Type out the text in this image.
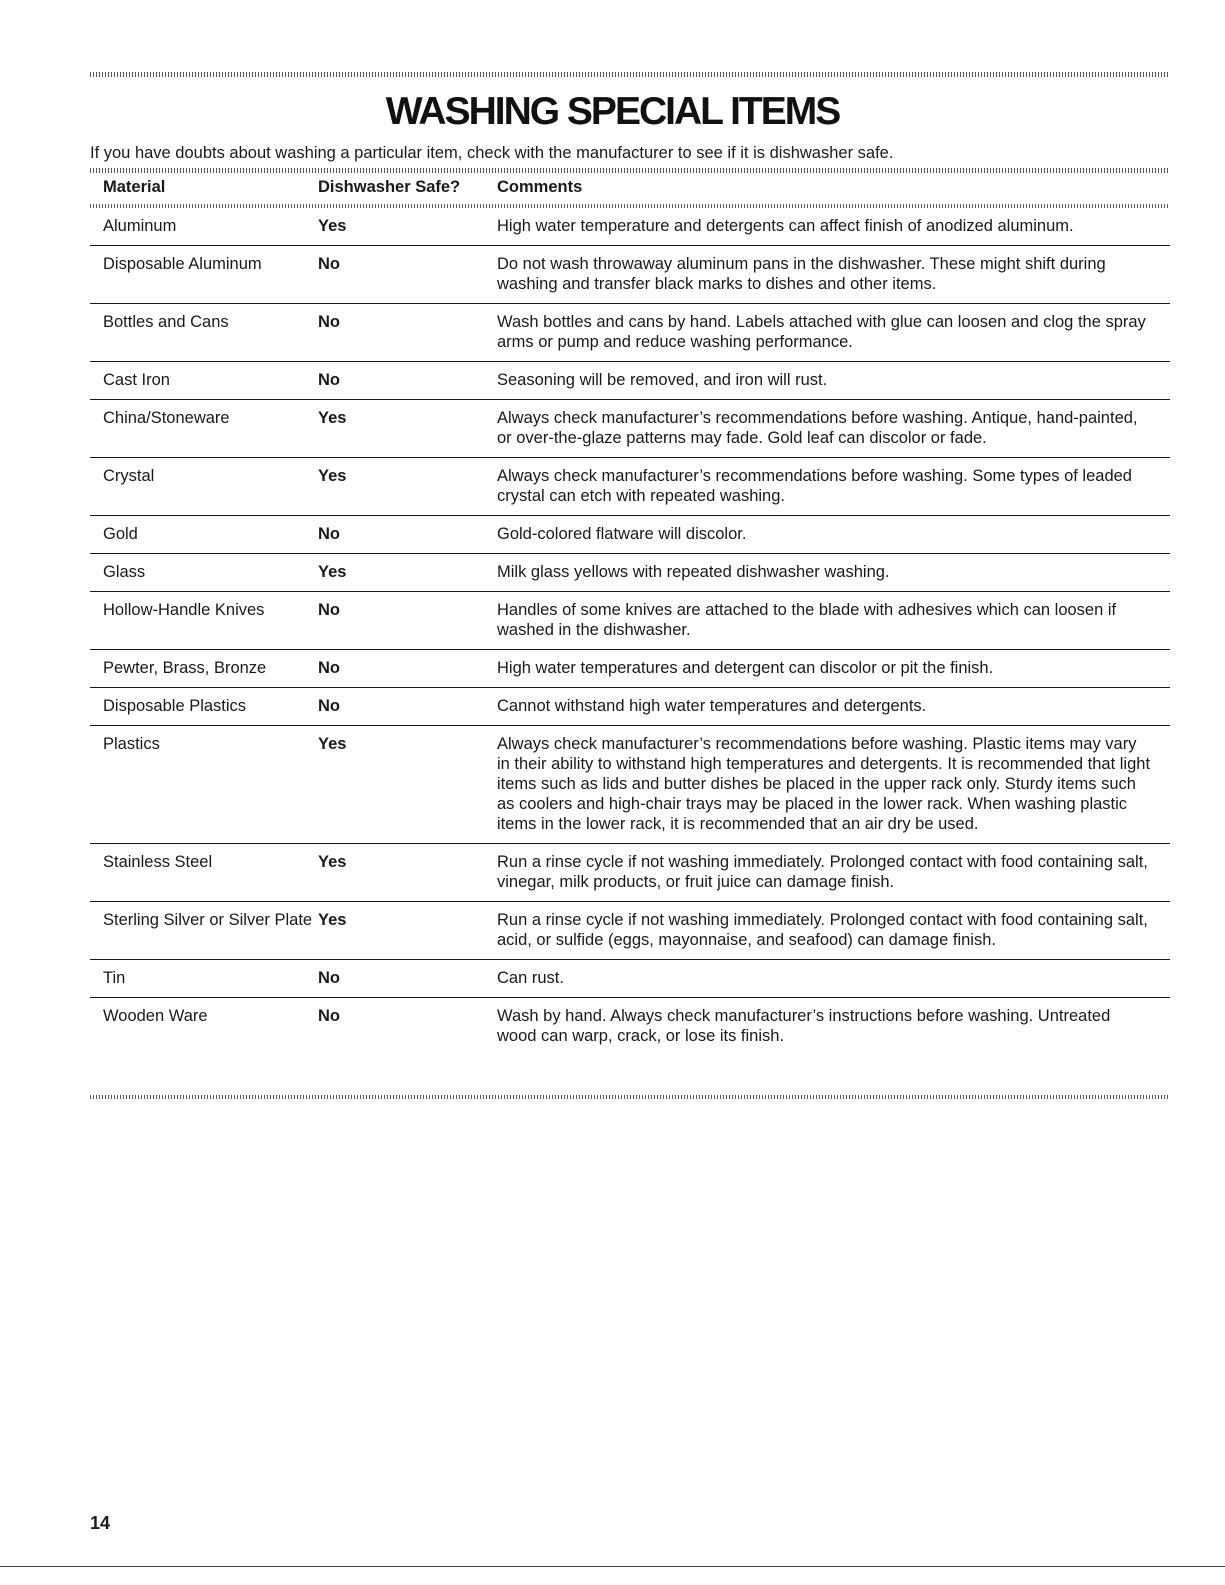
WASHING SPECIAL ITEMS

If you have doubts about washing a particular item, check with the manufacturer to see if it is dishwasher safe.

Material	Dishwasher Safe? Comments
Aluminum	Yes	High water temperature and detergents can affect finish of anodized aluminum.
Disposable Aluminum	No	Do not wash throwaway aluminum pans in the dishwasher. These might shift during washing and transfer black marks to dishes and other items.
Bottles and Cans	No	Wash bottles and cans by hand. Labels attached with glue can loosen and clog the spray arms or pump and reduce washing performance.
Cast Iron	No	Seasoning will be removed, and iron will rust.
China/Stoneware	Yes	Always check manufacturer’s recommendations before washing. Antique, hand-painted, or over-the-glaze patterns may fade. Gold leaf can discolor or fade.
Crystal	Yes	Always check manufacturer’s recommendations before washing. Some types of leaded crystal can etch with repeated washing.
Gold	No	Gold-colored flatware will discolor.
Glass	Yes	Milk glass yellows with repeated dishwasher washing.
Hollow-Handle Knives	No	Handles of some knives are attached to the blade with adhesives which can loosen if washed in the dishwasher.
Pewter, Brass, Bronze	No	High water temperatures and detergent can discolor or pit the finish.
Disposable Plastics	No	Cannot withstand high water temperatures and detergents.
Plastics	Yes	Always check manufacturer’s recommendations before washing. Plastic items may vary in their ability to withstand high temperatures and detergents. It is recommended that light items such as lids and butter dishes be placed in the upper rack only. Sturdy items such as coolers and high-chair trays may be placed in the lower rack. When washing plastic items in the lower rack, it is recommended that an air dry be used.
Stainless Steel	Yes	Run a rinse cycle if not washing immediately. Prolonged contact with food containing salt, vinegar, milk products, or fruit juice can damage finish.
Sterling Silver or Silver Plate	Yes	Run a rinse cycle if not washing immediately. Prolonged contact with food containing salt, acid, or sulfide (eggs, mayonnaise, and seafood) can damage finish.
Tin	No	Can rust.
Wooden Ware	No	Wash by hand. Always check manufacturer’s instructions before washing. Untreated wood can warp, crack, or lose its finish.
14
